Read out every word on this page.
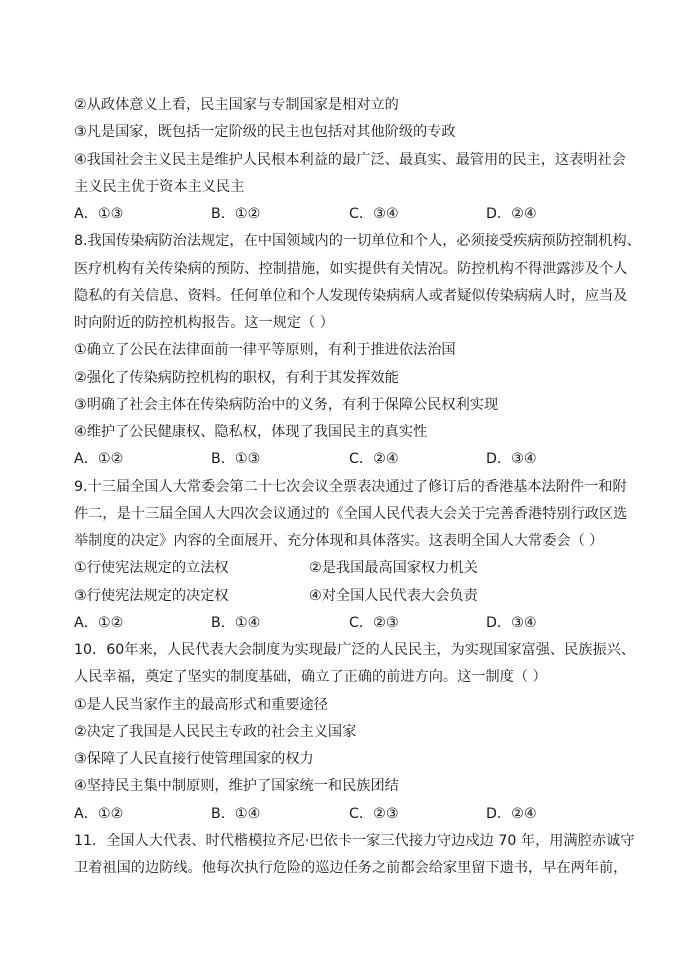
②从政体意义上看，民主国家与专制国家是相对立的
③凡是国家，既包括一定阶级的民主也包括对其他阶级的专政
④我国社会主义民主是维护人民根本利益的最广泛、最真实、最管用的民主，这表明社会
主义民主优于资本主义民主
A．①③	B．①②	C．③④	D．②④
8.我国传染病防治法规定，在中国领域内的一切单位和个人，必须接受疾病预防控制机构、
医疗机构有关传染病的预防、控制措施，如实提供有关情况。防控机构不得泄露涉及个人
隐私的有关信息、资料。任何单位和个人发现传染病病人或者疑似传染病病人时，应当及
时向附近的防控机构报告。这一规定（ ）
①确立了公民在法律面前一律平等原则，有利于推进依法治国
②强化了传染病防控机构的职权，有利于其发挥效能
③明确了社会主体在传染病防治中的义务，有利于保障公民权利实现
④维护了公民健康权、隐私权，体现了我国民主的真实性
A．①②	B．①③	C．②④	D．③④
9.十三届全国人大常委会第二十七次会议全票表决通过了修订后的香港基本法附件一和附
件二，是十三届全国人大四次会议通过的《全国人民代表大会关于完善香港特别行政区选
举制度的决定》内容的全面展开、充分体现和具体落实。这表明全国人大常委会（ ）
①行使宪法规定的立法权	②是我国最高国家权力机关
③行使宪法规定的决定权	④对全国人民代表大会负责
A．①②	B．①④	C．②③	D．③④
10．60年来，人民代表大会制度为实现最广泛的人民民主，为实现国家富强、民族振兴、
人民幸福，奠定了坚实的制度基础，确立了正确的前进方向。这一制度（ ）
①是人民当家作主的最高形式和重要途径
②决定了我国是人民民主专政的社会主义国家
③保障了人民直接行使管理国家的权力
④坚持民主集中制原则，维护了国家统一和民族团结
A．①②	B．①④	C．②③	D．②④
11．全国人大代表、时代楷模拉齐尼·巴依卡一家三代接力守边戍边 70 年，用满腔赤诚守
卫着祖国的边防线。他每次执行危险的巡边任务之前都会给家里留下遗书，早在两年前，
